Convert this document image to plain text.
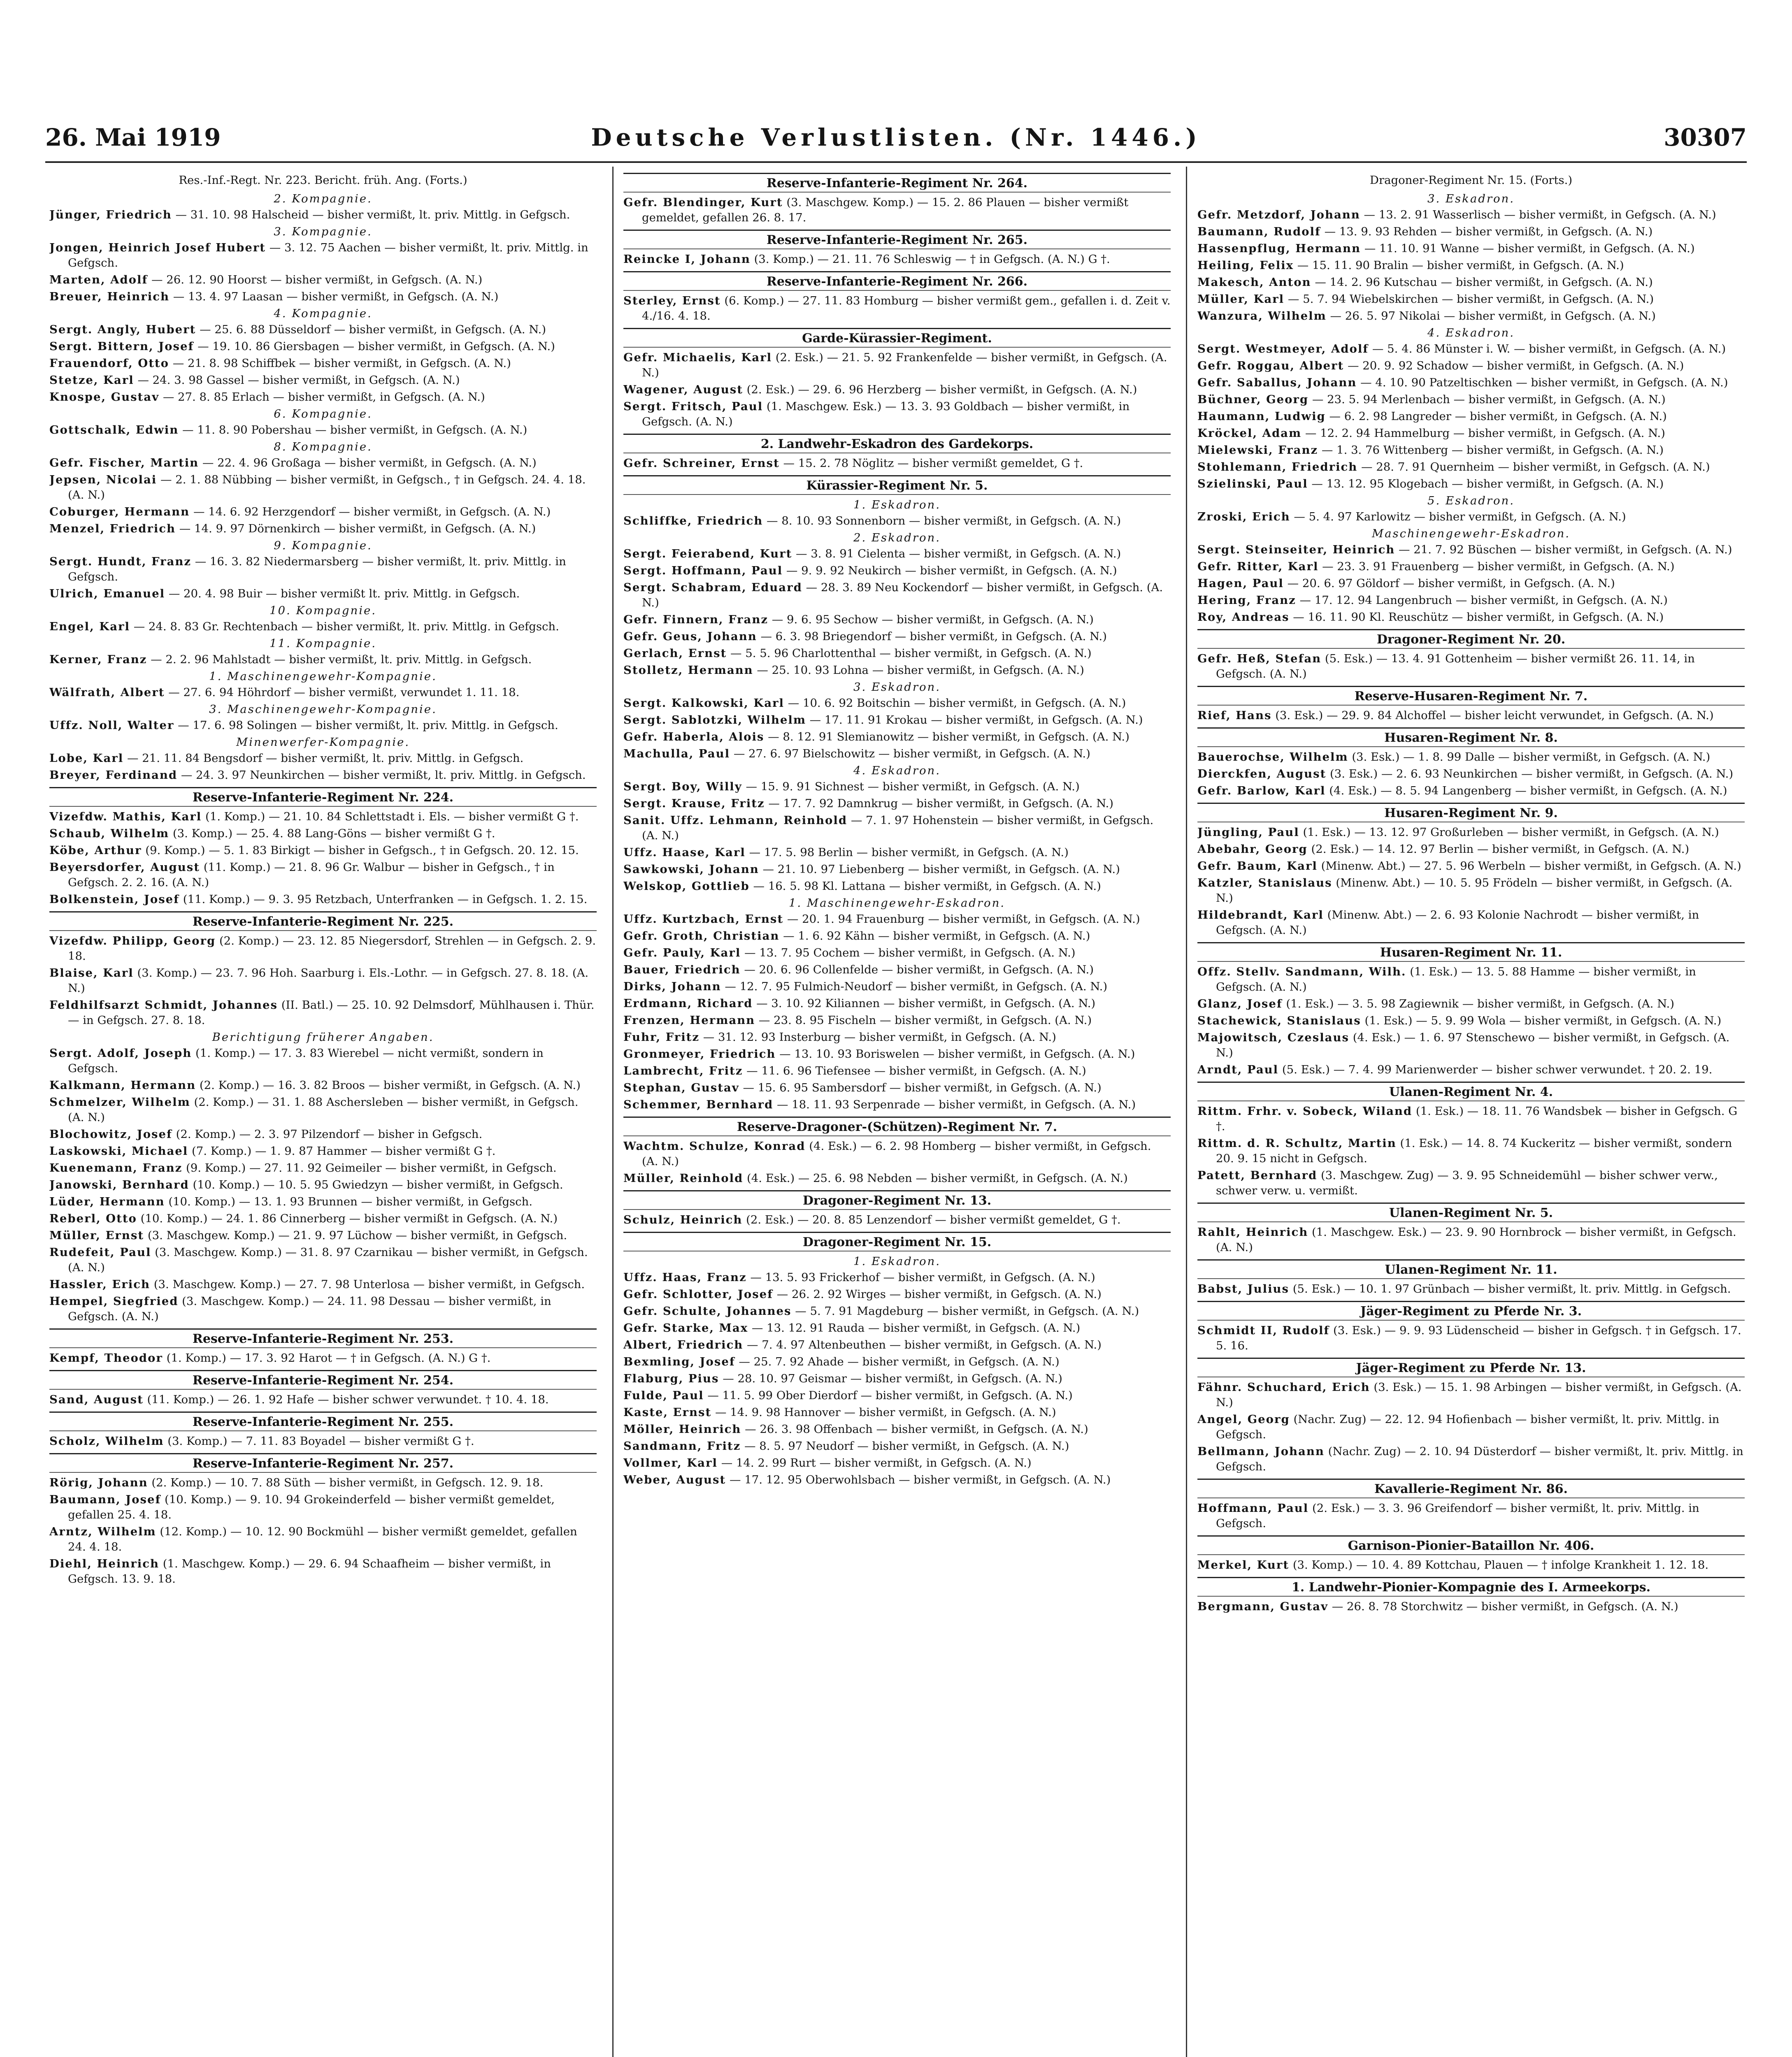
26. Mai 1919	Deutsche Verlustlisten. (Nr. 1446.)	30307
Res.-Inf.-Regt. Nr. 223. Bericht. früh. Ang. (Forts.)
2. Kompagnie.
Jünger, Friedrich — 31. 10. 98 Halscheid — bisher vermißt, lt. priv. Mittlg. in Gefgsch.
3. Kompagnie.
Jongen, Heinrich Josef Hubert — 3. 12. 75 Aachen — bisher vermißt, lt. priv. Mittlg. in Gefgsch.
Marten, Adolf — 26. 12. 90 Hoorst — bisher vermißt, in Gefgsch. (A. N.)
Breuer, Heinrich — 13. 4. 97 Laasan — bisher vermißt, in Gefgsch. (A. N.)
4. Kompagnie.
Sergt. Angly, Hubert — 25. 6. 88 Düsseldorf — bisher vermißt, in Gefgsch. (A. N.)
Sergt. Bittern, Josef — 19. 10. 86 Giersbagen — bisher vermißt, in Gefgsch. (A. N.)
Frauendorf, Otto — 21. 8. 98 Schiffbek — bisher vermißt, in Gefgsch. (A. N.)
Stetze, Karl — 24. 3. 98 Gassel — bisher vermißt, in Gefgsch. (A. N.)
Knospe, Gustav — 27. 8. 85 Erlach — bisher vermißt, in Gefgsch. (A. N.)
6. Kompagnie.
Gottschalk, Edwin — 11. 8. 90 Pobershau — bisher vermißt, in Gefgsch. (A. N.)
8. Kompagnie.
Gefr. Fischer, Martin — 22. 4. 96 Großaga — bisher vermißt, in Gefgsch. (A. N.)
Jepsen, Nicolai — 2. 1. 88 Nübbing — bisher vermißt, in Gefgsch., † in Gefgsch. 24. 4. 18. (A. N.)
Coburger, Hermann — 14. 6. 92 Herzgendorf — bisher vermißt, in Gefgsch. (A. N.)
Menzel, Friedrich — 14. 9. 97 Dörnenkirch — bisher vermißt, in Gefgsch. (A. N.)
9. Kompagnie.
Sergt. Hundt, Franz — 16. 3. 82 Niedermarsberg — bisher vermißt, lt. priv. Mittlg. in Gefgsch.
Ulrich, Emanuel — 20. 4. 98 Buir — bisher vermißt lt. priv. Mittlg. in Gefgsch.
10. Kompagnie.
Engel, Karl — 24. 8. 83 Gr. Rechtenbach — bisher vermißt, lt. priv. Mittlg. in Gefgsch.
11. Kompagnie.
Kerner, Franz — 2. 2. 96 Mahlstadt — bisher vermißt, lt. priv. Mittlg. in Gefgsch.
1. Maschinengewehr-Kompagnie.
Wälfrath, Albert — 27. 6. 94 Höhrdorf — bisher vermißt, verwundet 1. 11. 18.
3. Maschinengewehr-Kompagnie.
Uffz. Noll, Walter — 17. 6. 98 Solingen — bisher vermißt, lt. priv. Mittlg. in Gefgsch.
Minenwerfer-Kompagnie.
Lobe, Karl — 21. 11. 84 Bengsdorf — bisher vermißt, lt. priv. Mittlg. in Gefgsch.
Breyer, Ferdinand — 24. 3. 97 Neunkirchen — bisher vermißt, lt. priv. Mittlg. in Gefgsch.
Reserve-Infanterie-Regiment Nr. 224.
Vizefdw. Mathis, Karl (1. Komp.) — 21. 10. 84 Schlettstadt i. Els. — bisher vermißt G †.
Schaub, Wilhelm (3. Komp.) — 25. 4. 88 Lang-Göns — bisher vermißt G †.
Köbe, Arthur (9. Komp.) — 5. 1. 83 Birkigt — bisher in Gefgsch., † in Gefgsch. 20. 12. 15.
Beyersdorfer, August (11. Komp.) — 21. 8. 96 Gr. Walbur — bisher in Gefgsch., † in Gefgsch. 2. 2. 16. (A. N.)
Bolkenstein, Josef (11. Komp.) — 9. 3. 95 Retzbach, Unterfranken — in Gefgsch. 1. 2. 15.
Reserve-Infanterie-Regiment Nr. 225.
Vizefdw. Philipp, Georg (2. Komp.) — 23. 12. 85 Niegersdorf, Strehlen — in Gefgsch. 2. 9. 18.
Blaise, Karl (3. Komp.) — 23. 7. 96 Hoh. Saarburg i. Els.-Lothr. — in Gefgsch. 27. 8. 18. (A. N.)
Feldhilfsarzt Schmidt, Johannes (II. Batl.) — 25. 10. 92 Delmsdorf, Mühlhausen i. Thür. — in Gefgsch. 27. 8. 18.
Berichtigung früherer Angaben.
Sergt. Adolf, Joseph (1. Komp.) — 17. 3. 83 Wierebel — nicht vermißt, sondern in Gefgsch.
Kalkmann, Hermann (2. Komp.) — 16. 3. 82 Broos — bisher vermißt, in Gefgsch. (A. N.)
Schmelzer, Wilhelm (2. Komp.) — 31. 1. 88 Aschersleben — bisher vermißt, in Gefgsch. (A. N.)
Blochowitz, Josef (2. Komp.) — 2. 3. 97 Pilzendorf — bisher in Gefgsch.
Laskowski, Michael (7. Komp.) — 1. 9. 87 Hammer — bisher vermißt G †.
Kuenemann, Franz (9. Komp.) — 27. 11. 92 Geimeiler — bisher vermißt, in Gefgsch.
Janowski, Bernhard (10. Komp.) — 10. 5. 95 Gwiedzyn — bisher vermißt, in Gefgsch.
Lüder, Hermann (10. Komp.) — 13. 1. 93 Brunnen — bisher vermißt, in Gefgsch.
Reberl, Otto (10. Komp.) — 24. 1. 86 Cinnerberg — bisher vermißt in Gefgsch. (A. N.)
Müller, Ernst (3. Maschgew. Komp.) — 21. 9. 97 Lüchow — bisher vermißt, in Gefgsch.
Rudefeit, Paul (3. Maschgew. Komp.) — 31. 8. 97 Czarnikau — bisher vermißt, in Gefgsch. (A. N.)
Hassler, Erich (3. Maschgew. Komp.) — 27. 7. 98 Unterlosa — bisher vermißt, in Gefgsch.
Hempel, Siegfried (3. Maschgew. Komp.) — 24. 11. 98 Dessau — bisher vermißt, in Gefgsch. (A. N.)
Reserve-Infanterie-Regiment Nr. 253.
Kempf, Theodor (1. Komp.) — 17. 3. 92 Harot — † in Gefgsch. (A. N.) G †.
Reserve-Infanterie-Regiment Nr. 254.
Sand, August (11. Komp.) — 26. 1. 92 Hafe — bisher schwer verwundet. † 10. 4. 18.
Reserve-Infanterie-Regiment Nr. 255.
Scholz, Wilhelm (3. Komp.) — 7. 11. 83 Boyadel — bisher vermißt G †.
Reserve-Infanterie-Regiment Nr. 257.
Rörig, Johann (2. Komp.) — 10. 7. 88 Süth — bisher vermißt, in Gefgsch. 12. 9. 18.
Baumann, Josef (10. Komp.) — 9. 10. 94 Grokeinderfeld — bisher vermißt gemeldet, gefallen 25. 4. 18.
Arntz, Wilhelm (12. Komp.) — 10. 12. 90 Bockmühl — bisher vermißt gemeldet, gefallen 24. 4. 18.
Diehl, Heinrich (1. Maschgew. Komp.) — 29. 6. 94 Schaafheim — bisher vermißt, in Gefgsch. 13. 9. 18.
Reserve-Infanterie-Regiment Nr. 264.
Gefr. Blendinger, Kurt (3. Maschgew. Komp.) — 15. 2. 86 Plauen — bisher vermißt gemeldet, gefallen 26. 8. 17.
Reserve-Infanterie-Regiment Nr. 265.
Reincke I, Johann (3. Komp.) — 21. 11. 76 Schleswig — † in Gefgsch. (A. N.) G †.
Reserve-Infanterie-Regiment Nr. 266.
Sterley, Ernst (6. Komp.) — 27. 11. 83 Homburg — bisher vermißt gem., gefallen i. d. Zeit v. 4./16. 4. 18.
Garde-Kürassier-Regiment.
Gefr. Michaelis, Karl (2. Esk.) — 21. 5. 92 Frankenfelde — bisher vermißt, in Gefgsch. (A. N.)
Wagener, August (2. Esk.) — 29. 6. 96 Herzberg — bisher vermißt, in Gefgsch. (A. N.)
Sergt. Fritsch, Paul (1. Maschgew. Esk.) — 13. 3. 93 Goldbach — bisher vermißt, in Gefgsch. (A. N.)
2. Landwehr-Eskadron des Gardekorps.
Gefr. Schreiner, Ernst — 15. 2. 78 Nöglitz — bisher vermißt gemeldet, G †.
Kürassier-Regiment Nr. 5.
1. Eskadron.
Schliffke, Friedrich — 8. 10. 93 Sonnenborn — bisher vermißt, in Gefgsch. (A. N.)
2. Eskadron.
Sergt. Feierabend, Kurt — 3. 8. 91 Cielenta — bisher vermißt, in Gefgsch. (A. N.)
Sergt. Hoffmann, Paul — 9. 9. 92 Neukirch — bisher vermißt, in Gefgsch. (A. N.)
Sergt. Schabram, Eduard — 28. 3. 89 Neu Kockendorf — bisher vermißt, in Gefgsch. (A. N.)
Gefr. Finnern, Franz — 9. 6. 95 Sechow — bisher vermißt, in Gefgsch. (A. N.)
Gefr. Geus, Johann — 6. 3. 98 Briegendorf — bisher vermißt, in Gefgsch. (A. N.)
Gerlach, Ernst — 5. 5. 96 Charlottenthal — bisher vermißt, in Gefgsch. (A. N.)
Stolletz, Hermann — 25. 10. 93 Lohna — bisher vermißt, in Gefgsch. (A. N.)
3. Eskadron.
Sergt. Kalkowski, Karl — 10. 6. 92 Boitschin — bisher vermißt, in Gefgsch. (A. N.)
Sergt. Sablotzki, Wilhelm — 17. 11. 91 Krokau — bisher vermißt, in Gefgsch. (A. N.)
Gefr. Haberla, Alois — 8. 12. 91 Slemianowitz — bisher vermißt, in Gefgsch. (A. N.)
Machulla, Paul — 27. 6. 97 Bielschowitz — bisher vermißt, in Gefgsch. (A. N.)
4. Eskadron.
Sergt. Boy, Willy — 15. 9. 91 Sichnest — bisher vermißt, in Gefgsch. (A. N.)
Sergt. Krause, Fritz — 17. 7. 92 Damnkrug — bisher vermißt, in Gefgsch. (A. N.)
Sanit. Uffz. Lehmann, Reinhold — 7. 1. 97 Hohenstein — bisher vermißt, in Gefgsch. (A. N.)
Uffz. Haase, Karl — 17. 5. 98 Berlin — bisher vermißt, in Gefgsch. (A. N.)
Sawkowski, Johann — 21. 10. 97 Liebenberg — bisher vermißt, in Gefgsch. (A. N.)
Welskop, Gottlieb — 16. 5. 98 Kl. Lattana — bisher vermißt, in Gefgsch. (A. N.)
1. Maschinengewehr-Eskadron.
Uffz. Kurtzbach, Ernst — 20. 1. 94 Frauenburg — bisher vermißt, in Gefgsch. (A. N.)
Gefr. Groth, Christian — 1. 6. 92 Kähn — bisher vermißt, in Gefgsch. (A. N.)
Gefr. Pauly, Karl — 13. 7. 95 Cochem — bisher vermißt, in Gefgsch. (A. N.)
Bauer, Friedrich — 20. 6. 96 Collenfelde — bisher vermißt, in Gefgsch. (A. N.)
Dirks, Johann — 12. 7. 95 Fulmich-Neudorf — bisher vermißt, in Gefgsch. (A. N.)
Erdmann, Richard — 3. 10. 92 Kiliannen — bisher vermißt, in Gefgsch. (A. N.)
Frenzen, Hermann — 23. 8. 95 Fischeln — bisher vermißt, in Gefgsch. (A. N.)
Fuhr, Fritz — 31. 12. 93 Insterburg — bisher vermißt, in Gefgsch. (A. N.)
Gronmeyer, Friedrich — 13. 10. 93 Boriswelen — bisher vermißt, in Gefgsch. (A. N.)
Lambrecht, Fritz — 11. 6. 96 Tiefensee — bisher vermißt, in Gefgsch. (A. N.)
Stephan, Gustav — 15. 6. 95 Sambersdorf — bisher vermißt, in Gefgsch. (A. N.)
Schemmer, Bernhard — 18. 11. 93 Serpenrade — bisher vermißt, in Gefgsch. (A. N.)
Reserve-Dragoner-(Schützen)-Regiment Nr. 7.
Wachtm. Schulze, Konrad (4. Esk.) — 6. 2. 98 Homberg — bisher vermißt, in Gefgsch. (A. N.)
Müller, Reinhold (4. Esk.) — 25. 6. 98 Nebden — bisher vermißt, in Gefgsch. (A. N.)
Dragoner-Regiment Nr. 13.
Schulz, Heinrich (2. Esk.) — 20. 8. 85 Lenzendorf — bisher vermißt gemeldet, G †.
Dragoner-Regiment Nr. 15.
1. Eskadron.
Uffz. Haas, Franz — 13. 5. 93 Frickerhof — bisher vermißt, in Gefgsch. (A. N.)
Gefr. Schlotter, Josef — 26. 2. 92 Wirges — bisher vermißt, in Gefgsch. (A. N.)
Gefr. Schulte, Johannes — 5. 7. 91 Magdeburg — bisher vermißt, in Gefgsch. (A. N.)
Gefr. Starke, Max — 13. 12. 91 Rauda — bisher vermißt, in Gefgsch. (A. N.)
Albert, Friedrich — 7. 4. 97 Altenbeuthen — bisher vermißt, in Gefgsch. (A. N.)
Bexmling, Josef — 25. 7. 92 Ahade — bisher vermißt, in Gefgsch. (A. N.)
Flaburg, Pius — 28. 10. 97 Geismar — bisher vermißt, in Gefgsch. (A. N.)
Fulde, Paul — 11. 5. 99 Ober Dierdorf — bisher vermißt, in Gefgsch. (A. N.)
Kaste, Ernst — 14. 9. 98 Hannover — bisher vermißt, in Gefgsch. (A. N.)
Möller, Heinrich — 26. 3. 98 Offenbach — bisher vermißt, in Gefgsch. (A. N.)
Sandmann, Fritz — 8. 5. 97 Neudorf — bisher vermißt, in Gefgsch. (A. N.)
Vollmer, Karl — 14. 2. 99 Rurt — bisher vermißt, in Gefgsch. (A. N.)
Weber, August — 17. 12. 95 Oberwohlsbach — bisher vermißt, in Gefgsch. (A. N.)
Dragoner-Regiment Nr. 15. (Forts.)
3. Eskadron.
Gefr. Metzdorf, Johann — 13. 2. 91 Wasserlisch — bisher vermißt, in Gefgsch. (A. N.)
Baumann, Rudolf — 13. 9. 93 Rehden — bisher vermißt, in Gefgsch. (A. N.)
Hassenpflug, Hermann — 11. 10. 91 Wanne — bisher vermißt, in Gefgsch. (A. N.)
Heiling, Felix — 15. 11. 90 Bralin — bisher vermißt, in Gefgsch. (A. N.)
Makesch, Anton — 14. 2. 96 Kutschau — bisher vermißt, in Gefgsch. (A. N.)
Müller, Karl — 5. 7. 94 Wiebelskirchen — bisher vermißt, in Gefgsch. (A. N.)
Wanzura, Wilhelm — 26. 5. 97 Nikolai — bisher vermißt, in Gefgsch. (A. N.)
4. Eskadron.
Sergt. Westmeyer, Adolf — 5. 4. 86 Münster i. W. — bisher vermißt, in Gefgsch. (A. N.)
Gefr. Roggau, Albert — 20. 9. 92 Schadow — bisher vermißt, in Gefgsch. (A. N.)
Gefr. Saballus, Johann — 4. 10. 90 Patzeltischken — bisher vermißt, in Gefgsch. (A. N.)
Büchner, Georg — 23. 5. 94 Merlenbach — bisher vermißt, in Gefgsch. (A. N.)
Haumann, Ludwig — 6. 2. 98 Langreder — bisher vermißt, in Gefgsch. (A. N.)
Kröckel, Adam — 12. 2. 94 Hammelburg — bisher vermißt, in Gefgsch. (A. N.)
Mielewski, Franz — 1. 3. 76 Wittenberg — bisher vermißt, in Gefgsch. (A. N.)
Stohlemann, Friedrich — 28. 7. 91 Quernheim — bisher vermißt, in Gefgsch. (A. N.)
Szielinski, Paul — 13. 12. 95 Klogebach — bisher vermißt, in Gefgsch. (A. N.)
5. Eskadron.
Zroski, Erich — 5. 4. 97 Karlowitz — bisher vermißt, in Gefgsch. (A. N.)
Maschinengewehr-Eskadron.
Sergt. Steinseiter, Heinrich — 21. 7. 92 Büschen — bisher vermißt, in Gefgsch. (A. N.)
Gefr. Ritter, Karl — 23. 3. 91 Frauenberg — bisher vermißt, in Gefgsch. (A. N.)
Hagen, Paul — 20. 6. 97 Göldorf — bisher vermißt, in Gefgsch. (A. N.)
Hering, Franz — 17. 12. 94 Langenbruch — bisher vermißt, in Gefgsch. (A. N.)
Roy, Andreas — 16. 11. 90 Kl. Reuschütz — bisher vermißt, in Gefgsch. (A. N.)
Dragoner-Regiment Nr. 20.
Gefr. Heß, Stefan (5. Esk.) — 13. 4. 91 Gottenheim — bisher vermißt 26. 11. 14, in Gefgsch. (A. N.)
Reserve-Husaren-Regiment Nr. 7.
Rief, Hans (3. Esk.) — 29. 9. 84 Alchoffel — bisher leicht verwundet, in Gefgsch. (A. N.)
Husaren-Regiment Nr. 8.
Bauerochse, Wilhelm (3. Esk.) — 1. 8. 99 Dalle — bisher vermißt, in Gefgsch. (A. N.)
Dierckfen, August (3. Esk.) — 2. 6. 93 Neunkirchen — bisher vermißt, in Gefgsch. (A. N.)
Gefr. Barlow, Karl (4. Esk.) — 8. 5. 94 Langenberg — bisher vermißt, in Gefgsch. (A. N.)
Husaren-Regiment Nr. 9.
Jüngling, Paul (1. Esk.) — 13. 12. 97 Großurleben — bisher vermißt, in Gefgsch. (A. N.)
Abebahr, Georg (2. Esk.) — 14. 12. 97 Berlin — bisher vermißt, in Gefgsch. (A. N.)
Gefr. Baum, Karl (Minenw. Abt.) — 27. 5. 96 Werbeln — bisher vermißt, in Gefgsch. (A. N.)
Katzler, Stanislaus (Minenw. Abt.) — 10. 5. 95 Frödeln — bisher vermißt, in Gefgsch. (A. N.)
Hildebrandt, Karl (Minenw. Abt.) — 2. 6. 93 Kolonie Nachrodt — bisher vermißt, in Gefgsch. (A. N.)
Husaren-Regiment Nr. 11.
Offz. Stellv. Sandmann, Wilh. (1. Esk.) — 13. 5. 88 Hamme — bisher vermißt, in Gefgsch. (A. N.)
Glanz, Josef (1. Esk.) — 3. 5. 98 Zagiewnik — bisher vermißt, in Gefgsch. (A. N.)
Stachewick, Stanislaus (1. Esk.) — 5. 9. 99 Wola — bisher vermißt, in Gefgsch. (A. N.)
Majowitsch, Czeslaus (4. Esk.) — 1. 6. 97 Stenschewo — bisher vermißt, in Gefgsch. (A. N.)
Arndt, Paul (5. Esk.) — 7. 4. 99 Marienwerder — bisher schwer verwundet. † 20. 2. 19.
Ulanen-Regiment Nr. 4.
Rittm. Frhr. v. Sobeck, Wiland (1. Esk.) — 18. 11. 76 Wandsbek — bisher in Gefgsch. G †.
Rittm. d. R. Schultz, Martin (1. Esk.) — 14. 8. 74 Kuckeritz — bisher vermißt, sondern 20. 9. 15 nicht in Gefgsch.
Patett, Bernhard (3. Maschgew. Zug) — 3. 9. 95 Schneidemühl — bisher schwer verw., schwer verw. u. vermißt.
Ulanen-Regiment Nr. 5.
Rahlt, Heinrich (1. Maschgew. Esk.) — 23. 9. 90 Hornbrock — bisher vermißt, in Gefgsch. (A. N.)
Ulanen-Regiment Nr. 11.
Babst, Julius (5. Esk.) — 10. 1. 97 Grünbach — bisher vermißt, lt. priv. Mittlg. in Gefgsch.
Jäger-Regiment zu Pferde Nr. 3.
Schmidt II, Rudolf (3. Esk.) — 9. 9. 93 Lüdenscheid — bisher in Gefgsch. † in Gefgsch. 17. 5. 16.
Jäger-Regiment zu Pferde Nr. 13.
Fähnr. Schuchard, Erich (3. Esk.) — 15. 1. 98 Arbingen — bisher vermißt, in Gefgsch. (A. N.)
Angel, Georg (Nachr. Zug) — 22. 12. 94 Hofienbach — bisher vermißt, lt. priv. Mittlg. in Gefgsch.
Bellmann, Johann (Nachr. Zug) — 2. 10. 94 Düsterdorf — bisher vermißt, lt. priv. Mittlg. in Gefgsch.
Kavallerie-Regiment Nr. 86.
Hoffmann, Paul (2. Esk.) — 3. 3. 96 Greifendorf — bisher vermißt, lt. priv. Mittlg. in Gefgsch.
Garnison-Pionier-Bataillon Nr. 406.
Merkel, Kurt (3. Komp.) — 10. 4. 89 Kottchau, Plauen — † infolge Krankheit 1. 12. 18.
1. Landwehr-Pionier-Kompagnie des I. Armeekorps.
Bergmann, Gustav — 26. 8. 78 Storchwitz — bisher vermißt, in Gefgsch. (A. N.)
